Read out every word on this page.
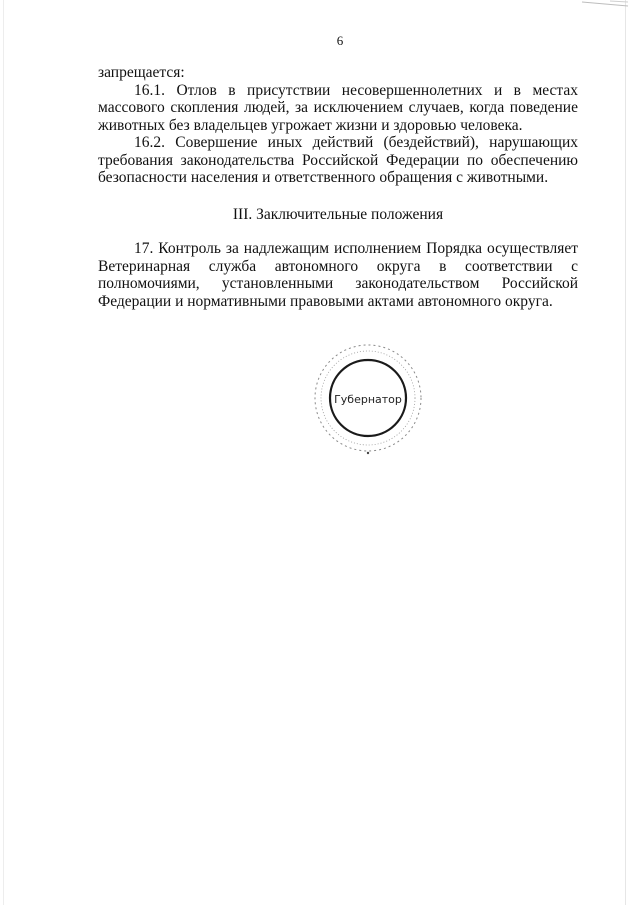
6

запрещается:

16.1. Отлов в присутствии несовершеннолетних и в местах массового скопления людей, за исключением случаев, когда поведение животных без владельцев угрожает жизни и здоровью человека.

16.2. Совершение иных действий (бездействий), нарушающих требования законодательства Российской Федерации по обеспечению безопасности населения и ответственного обращения с животными.

III. Заключительные положения

17. Контроль за надлежащим исполнением Порядка осуществляет Ветеринарная служба автономного округа в соответствии с полномочиями, установленными законодательством Российской Федерации и нормативными правовыми актами автономного округа.

Губернатор
